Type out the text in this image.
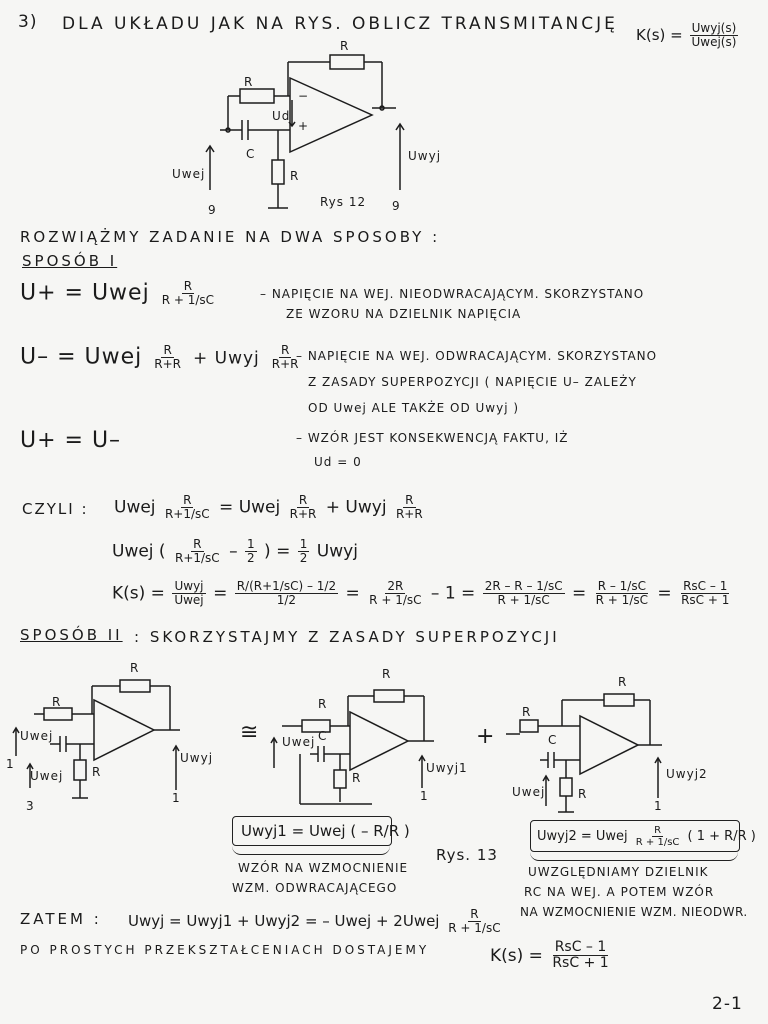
3) DLA UKŁADU JAK NA RYS. OBLICZ TRANSMITANCJĘ
$K(s) = \frac{\text{Uwyj(s)}}{\text{Uwej(s)}}$
R
R
Ud
C
R
Uwej
Uwyj
−
+
Rys 12
9	9
ROZWIĄŻMY ZADANIE NA DWA SPOSOBY :
SPOSÓB I
U+ = Uwej $\frac{R}{R + 1/sC}$	– NAPIĘCIE NA WEJ. NIEODWRACAJĄCYM. SKORZYSTANO
ZE WZORU NA DZIELNIK NAPIĘCIA
U– = Uwej $\frac{R}{R+R}$ + Uwyj $\frac{R}{R+R}$
– NAPIĘCIE NA WEJ. ODWRACAJĄCYM. SKORZYSTANO
Z ZASADY SUPERPOZYCJI ( NAPIĘCIE U– ZALEŻY
OD Uwej ALE TAKŻE OD Uwyj )
U+ = U–	– WZÓR JEST KONSEKWENCJĄ FAKTU, IŻ
Ud = 0
CZYLI : Uwej $\frac{R}{R+1/sC}$ = Uwej $\frac{R}{R+R}$ + Uwyj $\frac{R}{R+R}$
Uwej ( $\frac{R}{R+1/sC} - \frac{1}{2}$ ) = $\frac{1}{2}$ Uwyj
$K(s) = \frac{\text{Uwyj}}{\text{Uwej}} = \frac{R/(R+1/sC) - 1/2}{1/2} = \frac{2R}{R + 1/sC} - 1 = \frac{2R - R - 1/sC}{R + 1/sC} = \frac{R - 1/sC}{R + 1/sC} = \frac{\text{RsC – 1}}{\text{RsC + 1}}$
SPOSÓB II : SKORZYSTAJMY Z ZASADY SUPERPOZYCJI
R
R
R
Uwej
Uwej
Uwyj
1
3
1
≅
R
R
C
R
Uwej
Uwyj1
1
+
R
R
C
R
Uwej
Uwyj2
1
Uwyj1 = Uwej ( – R/R )	Uwyj2 = Uwej $\frac{R}{R + 1/sC}$ ( 1 + R/R )
Rys. 13
WZÓR NA WZMOCNIENIE
WZM. ODWRACAJĄCEGO
UWZGLĘDNIAMY DZIELNIK
RC NA WEJ. A POTEM WZÓR
NA WZMOCNIENIE WZM. NIEODWR.
ZATEM : Uwyj = Uwyj1 + Uwyj2 = – Uwej + 2Uwej $\frac{R}{R + 1/sC}$
PO PROSTYCH PRZEKSZTAŁCENIACH DOSTAJEMY	$K(s) = \frac{\text{RsC – 1}}{\text{RsC + 1}}$
2-1
